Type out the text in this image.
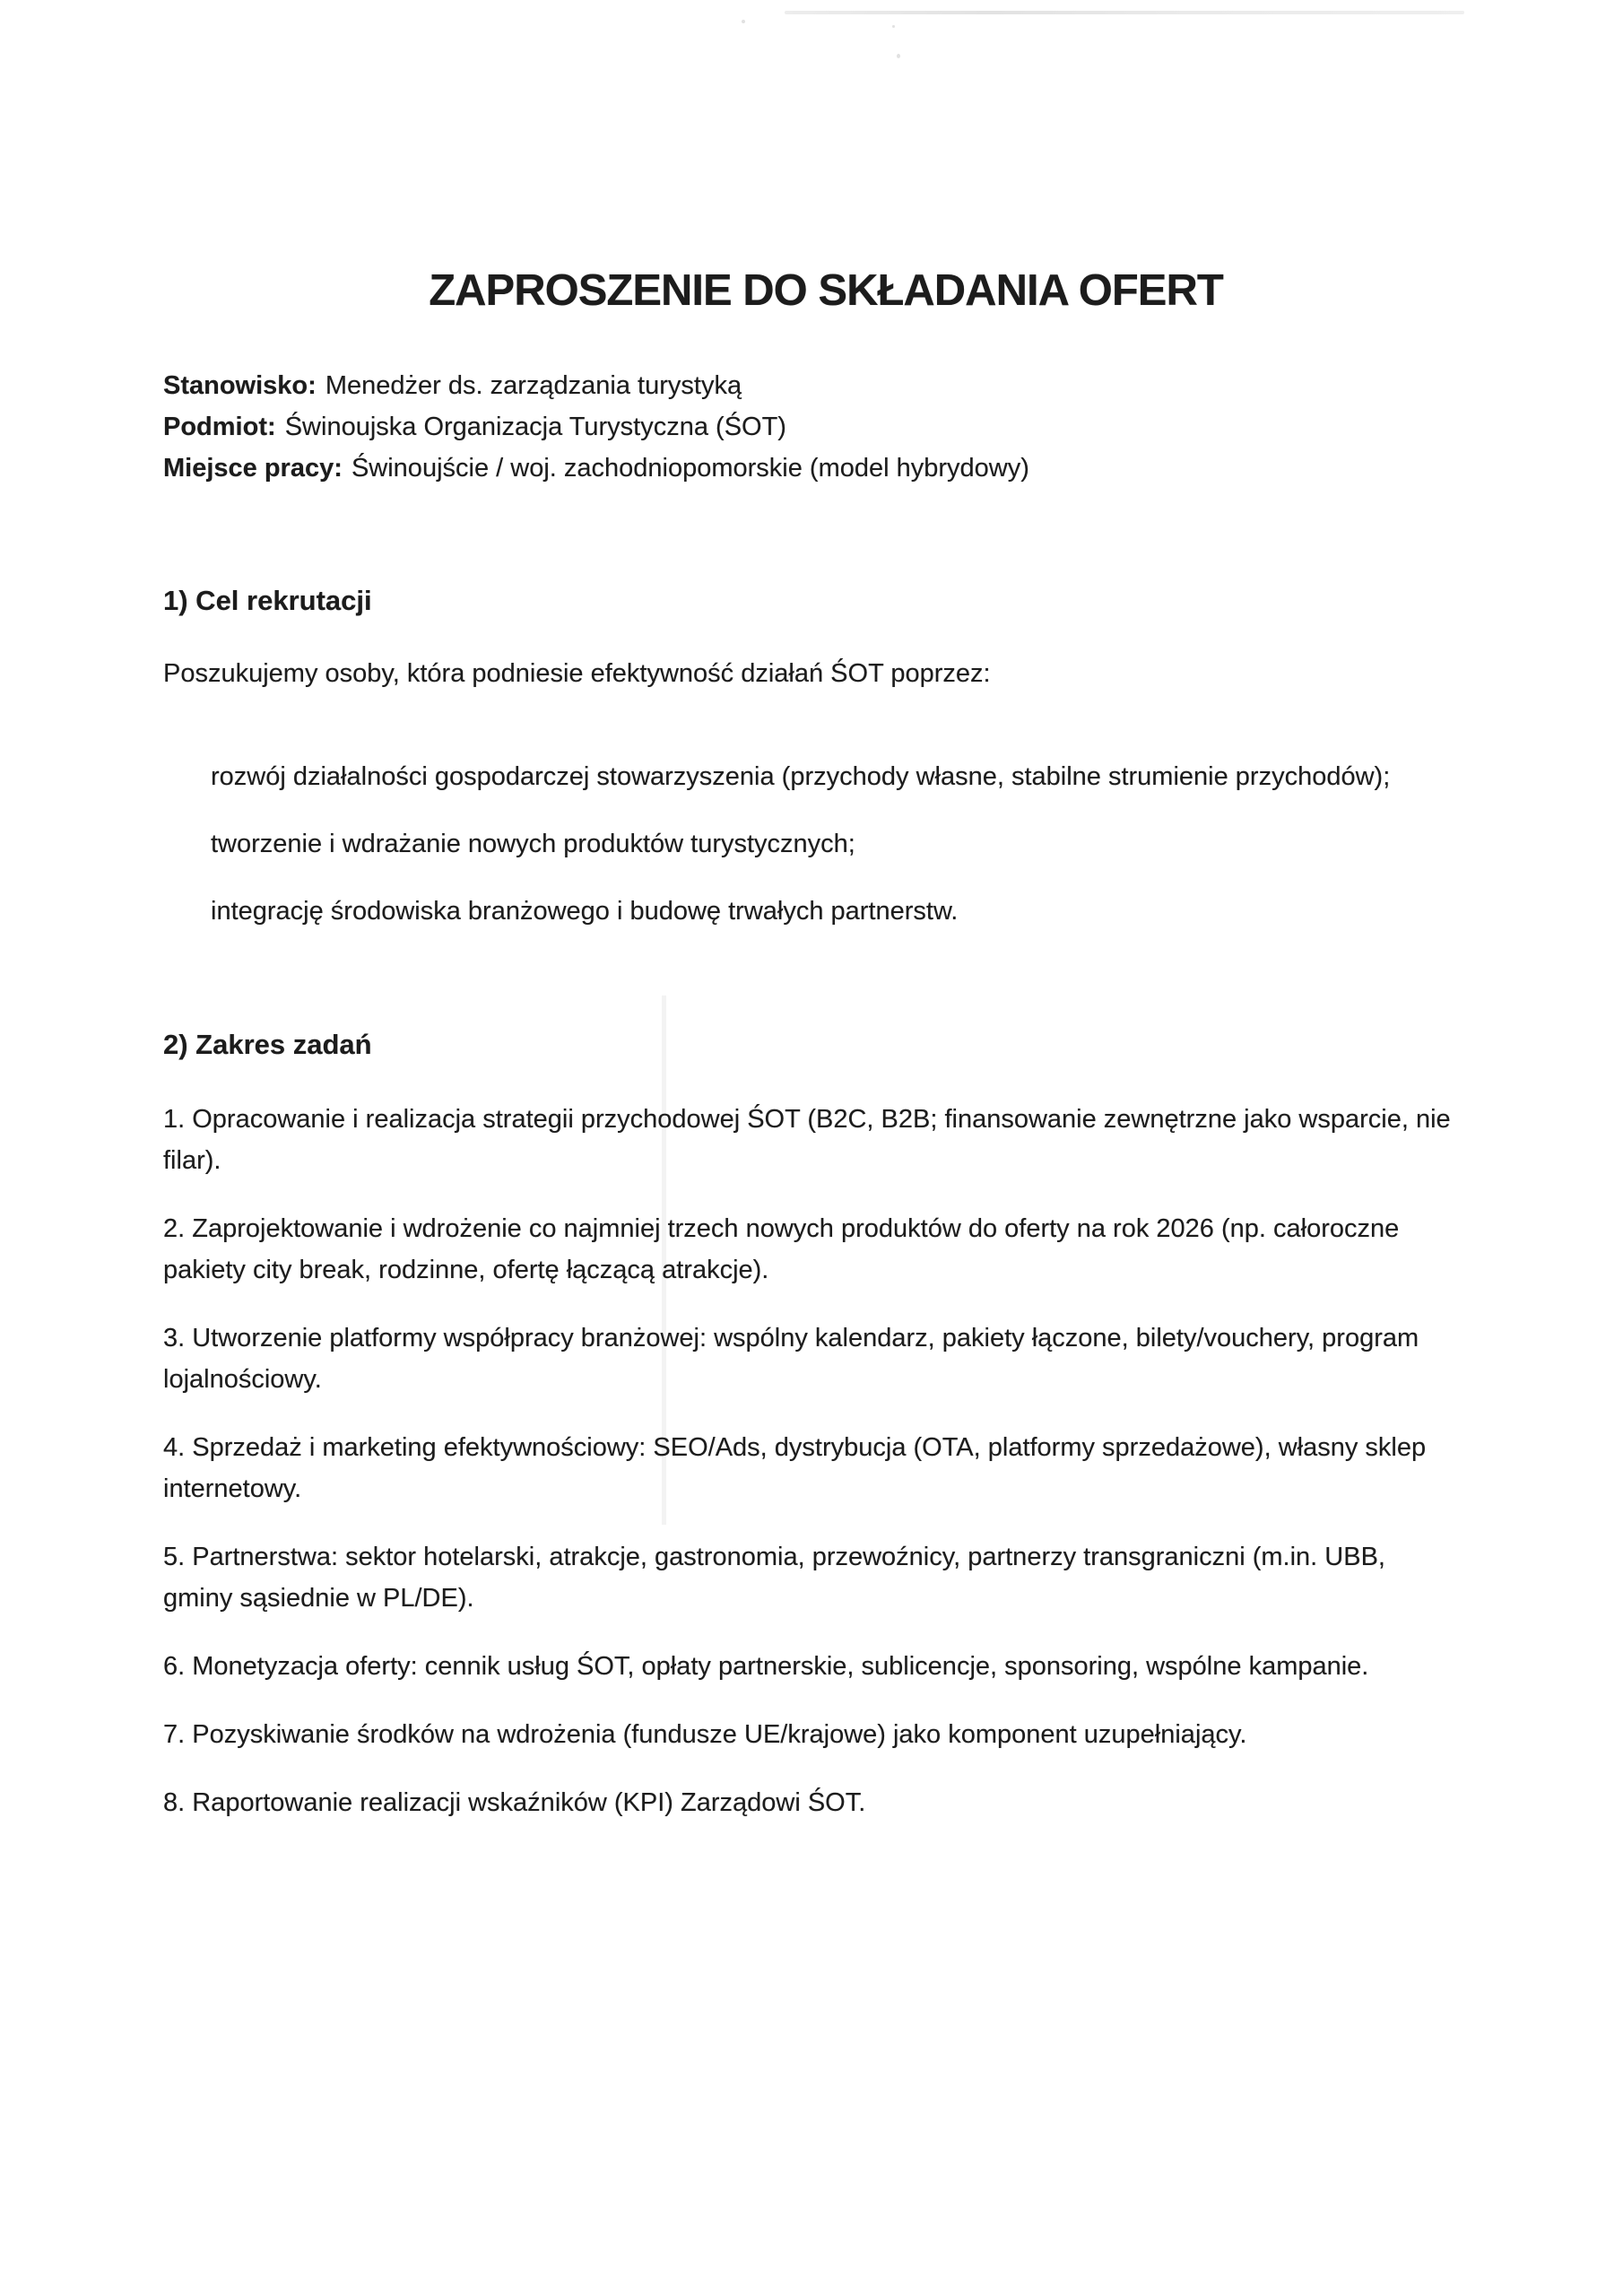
ZAPROSZENIE DO SKŁADANIA OFERT
Stanowisko: Menedżer ds. zarządzania turystyką
Podmiot: Świnoujska Organizacja Turystyczna (ŚOT)
Miejsce pracy: Świnoujście / woj. zachodniopomorskie (model hybrydowy)
1) Cel rekrutacji
Poszukujemy osoby, która podniesie efektywność działań ŚOT poprzez:
rozwój działalności gospodarczej stowarzyszenia (przychody własne, stabilne strumienie przychodów);
tworzenie i wdrażanie nowych produktów turystycznych;
integrację środowiska branżowego i budowę trwałych partnerstw.
2) Zakres zadań
1. Opracowanie i realizacja strategii przychodowej ŚOT (B2C, B2B; finansowanie zewnętrzne jako wsparcie, nie
filar).
2. Zaprojektowanie i wdrożenie co najmniej trzech nowych produktów do oferty na rok 2026 (np. całoroczne
pakiety city break, rodzinne, ofertę łączącą atrakcje).
3. Utworzenie platformy współpracy branżowej: wspólny kalendarz, pakiety łączone, bilety/vouchery, program
lojalnościowy.
4. Sprzedaż i marketing efektywnościowy: SEO/Ads, dystrybucja (OTA, platformy sprzedażowe), własny sklep
internetowy.
5. Partnerstwa: sektor hotelarski, atrakcje, gastronomia, przewoźnicy, partnerzy transgraniczni (m.in. UBB,
gminy sąsiednie w PL/DE).
6. Monetyzacja oferty: cennik usług ŚOT, opłaty partnerskie, sublicencje, sponsoring, wspólne kampanie.
7. Pozyskiwanie środków na wdrożenia (fundusze UE/krajowe) jako komponent uzupełniający.
8. Raportowanie realizacji wskaźników (KPI) Zarządowi ŚOT.
